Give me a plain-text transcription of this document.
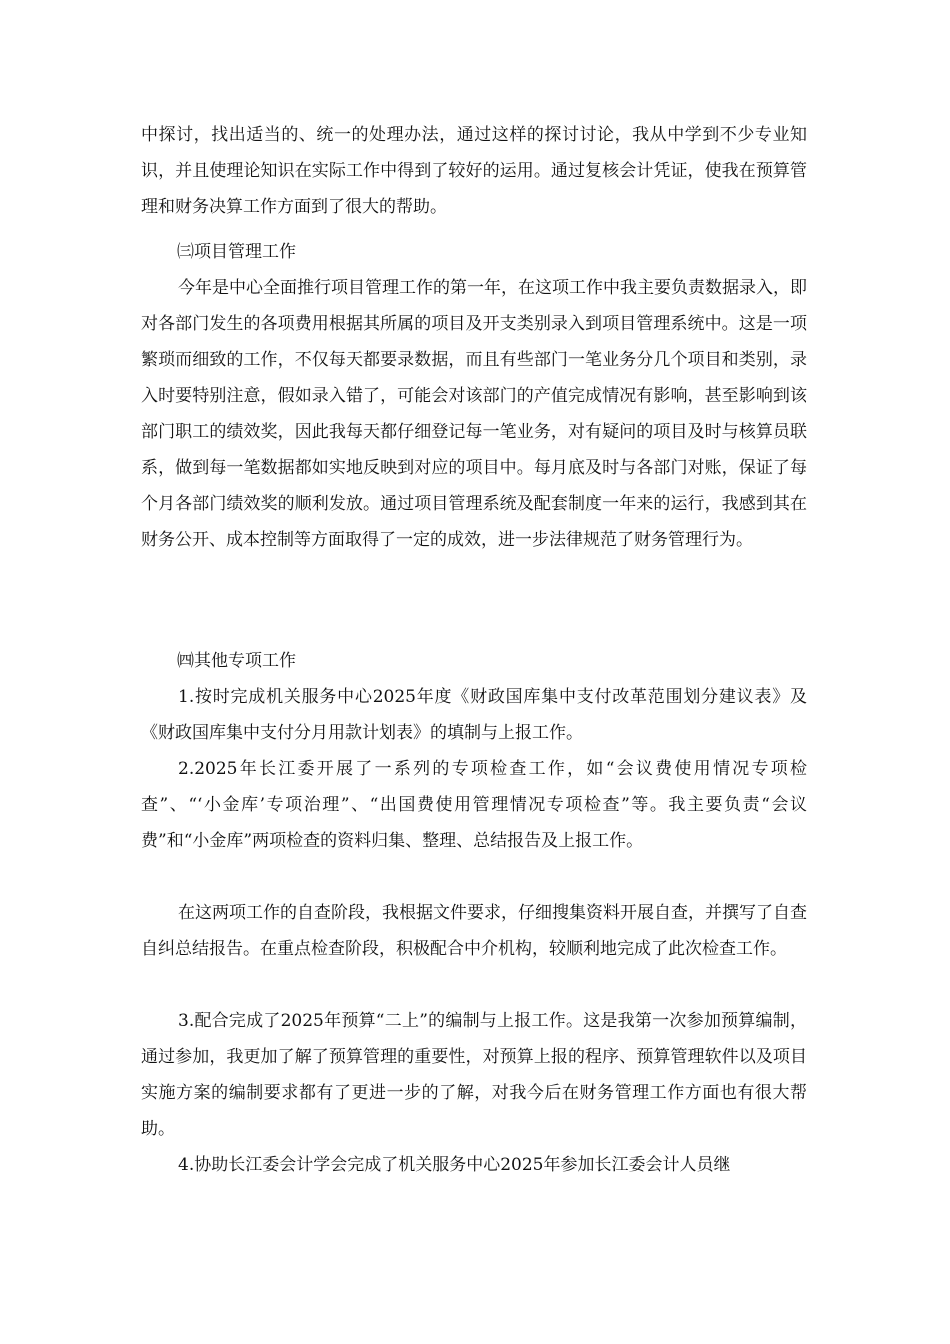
中探讨，找出适当的、统一的处理办法，通过这样的探讨讨论，我从中学到不少专业知识，并且使理论知识在实际工作中得到了较好的运用。通过复核会计凭证，使我在预算管理和财务决算工作方面到了很大的帮助。

㈢项目管理工作

今年是中心全面推行项目管理工作的第一年，在这项工作中我主要负责数据录入，即对各部门发生的各项费用根据其所属的项目及开支类别录入到项目管理系统中。这是一项繁琐而细致的工作，不仅每天都要录数据，而且有些部门一笔业务分几个项目和类别，录入时要特别注意，假如录入错了，可能会对该部门的产值完成情况有影响，甚至影响到该部门职工的绩效奖，因此我每天都仔细登记每一笔业务，对有疑问的项目及时与核算员联系，做到每一笔数据都如实地反映到对应的项目中。每月底及时与各部门对账，保证了每个月各部门绩效奖的顺利发放。通过项目管理系统及配套制度一年来的运行，我感到其在财务公开、成本控制等方面取得了一定的成效，进一步法律规范了财务管理行为。

㈣其他专项工作

1.按时完成机关服务中心2025年度《财政国库集中支付改革范围划分建议表》及《财政国库集中支付分月用款计划表》的填制与上报工作。

2.2025年长江委开展了一系列的专项检查工作，如“会议费使用情况专项检查”、“‘小金库’专项治理”、“出国费使用管理情况专项检查”等。我主要负责“会议费”和“小金库”两项检查的资料归集、整理、总结报告及上报工作。

在这两项工作的自查阶段，我根据文件要求，仔细搜集资料开展自查，并撰写了自查自纠总结报告。在重点检查阶段，积极配合中介机构，较顺利地完成了此次检查工作。

3.配合完成了2025年预算“二上”的编制与上报工作。这是我第一次参加预算编制，通过参加，我更加了解了预算管理的重要性，对预算上报的程序、预算管理软件以及项目实施方案的编制要求都有了更进一步的了解，对我今后在财务管理工作方面也有很大帮助。

4.协助长江委会计学会完成了机关服务中心2025年参加长江委会计人员继
